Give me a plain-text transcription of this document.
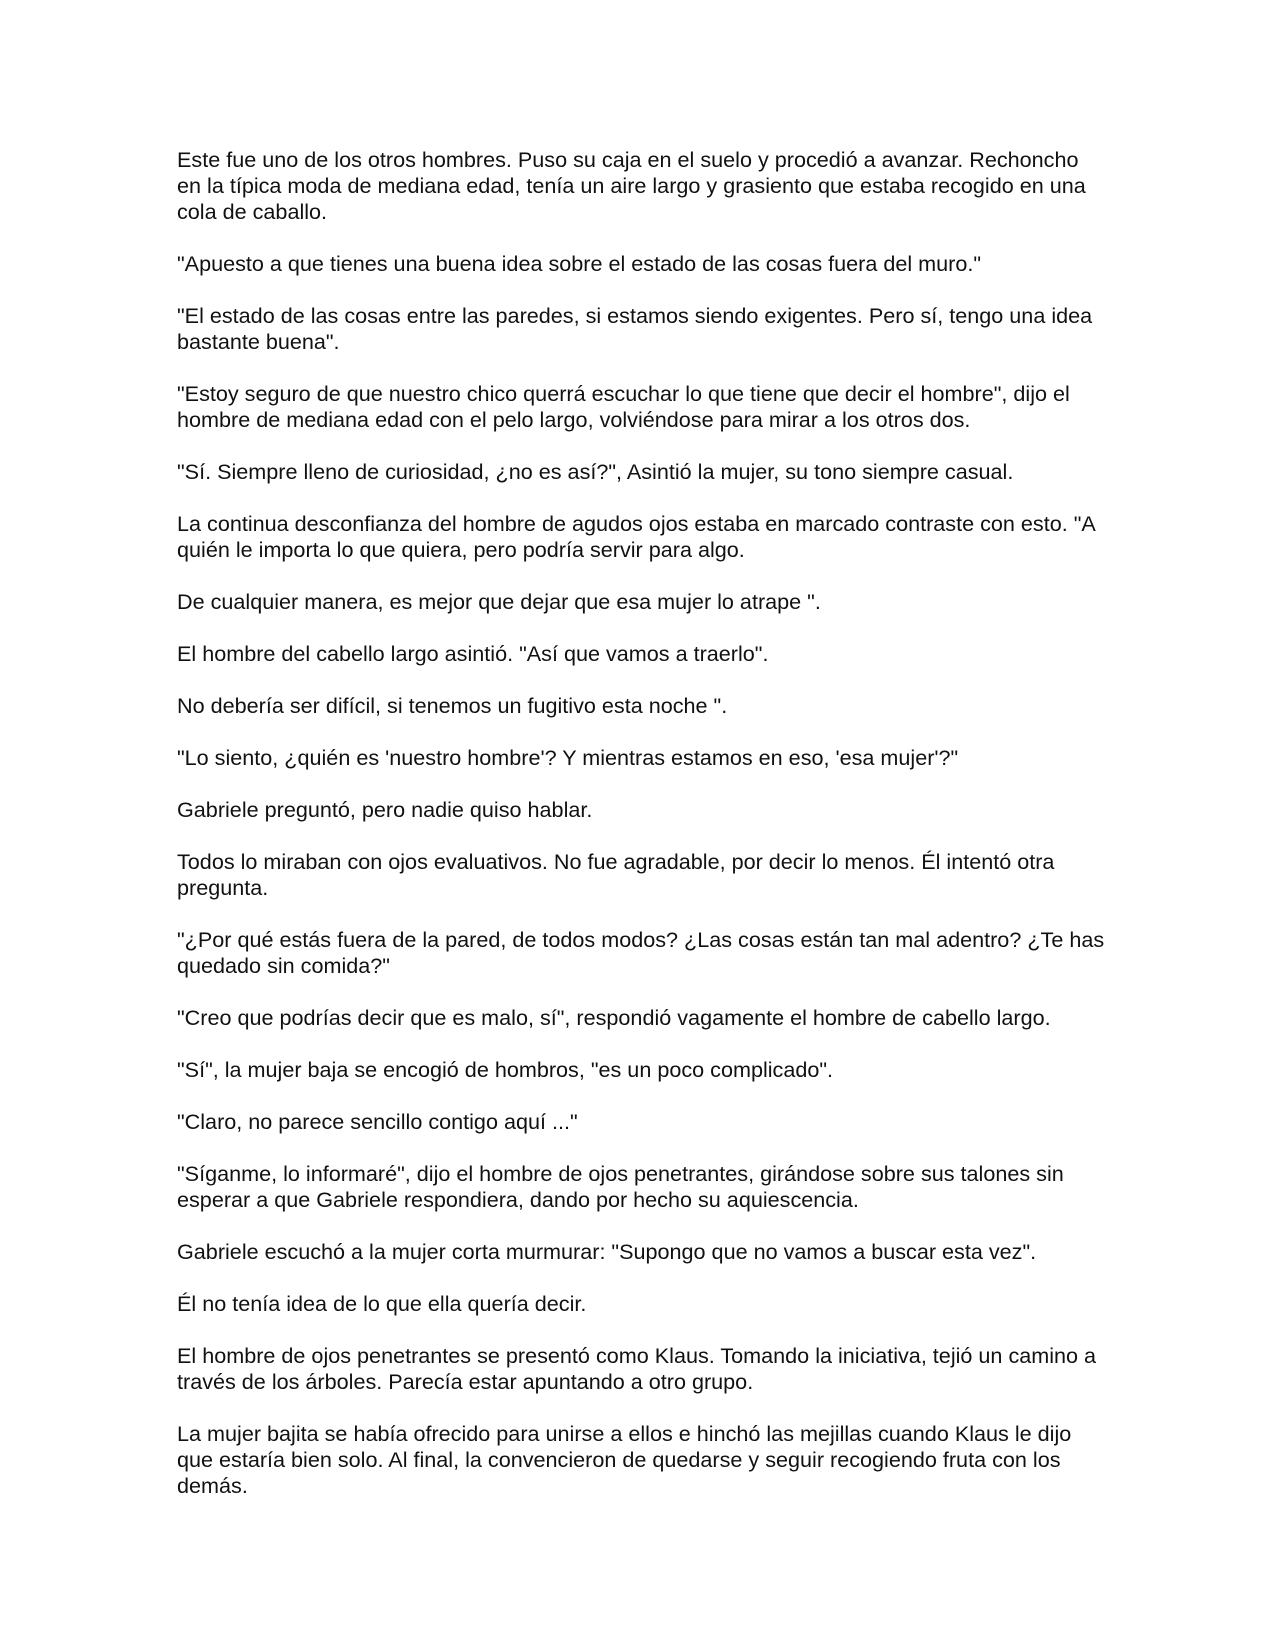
Este fue uno de los otros hombres. Puso su caja en el suelo y procedió a avanzar. Rechoncho en la típica moda de mediana edad, tenía un aire largo y grasiento que estaba recogido en una cola de caballo.

"Apuesto a que tienes una buena idea sobre el estado de las cosas fuera del muro."

"El estado de las cosas entre las paredes, si estamos siendo exigentes. Pero sí, tengo una idea bastante buena".

"Estoy seguro de que nuestro chico querrá escuchar lo que tiene que decir el hombre", dijo el hombre de mediana edad con el pelo largo, volviéndose para mirar a los otros dos.

"Sí. Siempre lleno de curiosidad, ¿no es así?", Asintió la mujer, su tono siempre casual.

La continua desconfianza del hombre de agudos ojos estaba en marcado contraste con esto. "A quién le importa lo que quiera, pero podría servir para algo.

De cualquier manera, es mejor que dejar que esa mujer lo atrape ".

El hombre del cabello largo asintió. "Así que vamos a traerlo".

No debería ser difícil, si tenemos un fugitivo esta noche ".

"Lo siento, ¿quién es 'nuestro hombre'? Y mientras estamos en eso, 'esa mujer'?"

Gabriele preguntó, pero nadie quiso hablar.

Todos lo miraban con ojos evaluativos. No fue agradable, por decir lo menos. Él intentó otra pregunta.

"¿Por qué estás fuera de la pared, de todos modos? ¿Las cosas están tan mal adentro? ¿Te has quedado sin comida?"

"Creo que podrías decir que es malo, sí", respondió vagamente el hombre de cabello largo.

"Sí", la mujer baja se encogió de hombros, "es un poco complicado".

"Claro, no parece sencillo contigo aquí ..."

"Síganme, lo informaré", dijo el hombre de ojos penetrantes, girándose sobre sus talones sin esperar a que Gabriele respondiera, dando por hecho su aquiescencia.

Gabriele escuchó a la mujer corta murmurar: "Supongo que no vamos a buscar esta vez".

Él no tenía idea de lo que ella quería decir.

El hombre de ojos penetrantes se presentó como Klaus. Tomando la iniciativa, tejió un camino a través de los árboles. Parecía estar apuntando a otro grupo.

La mujer bajita se había ofrecido para unirse a ellos e hinchó las mejillas cuando Klaus le dijo que estaría bien solo. Al final, la convencieron de quedarse y seguir recogiendo fruta con los demás.
